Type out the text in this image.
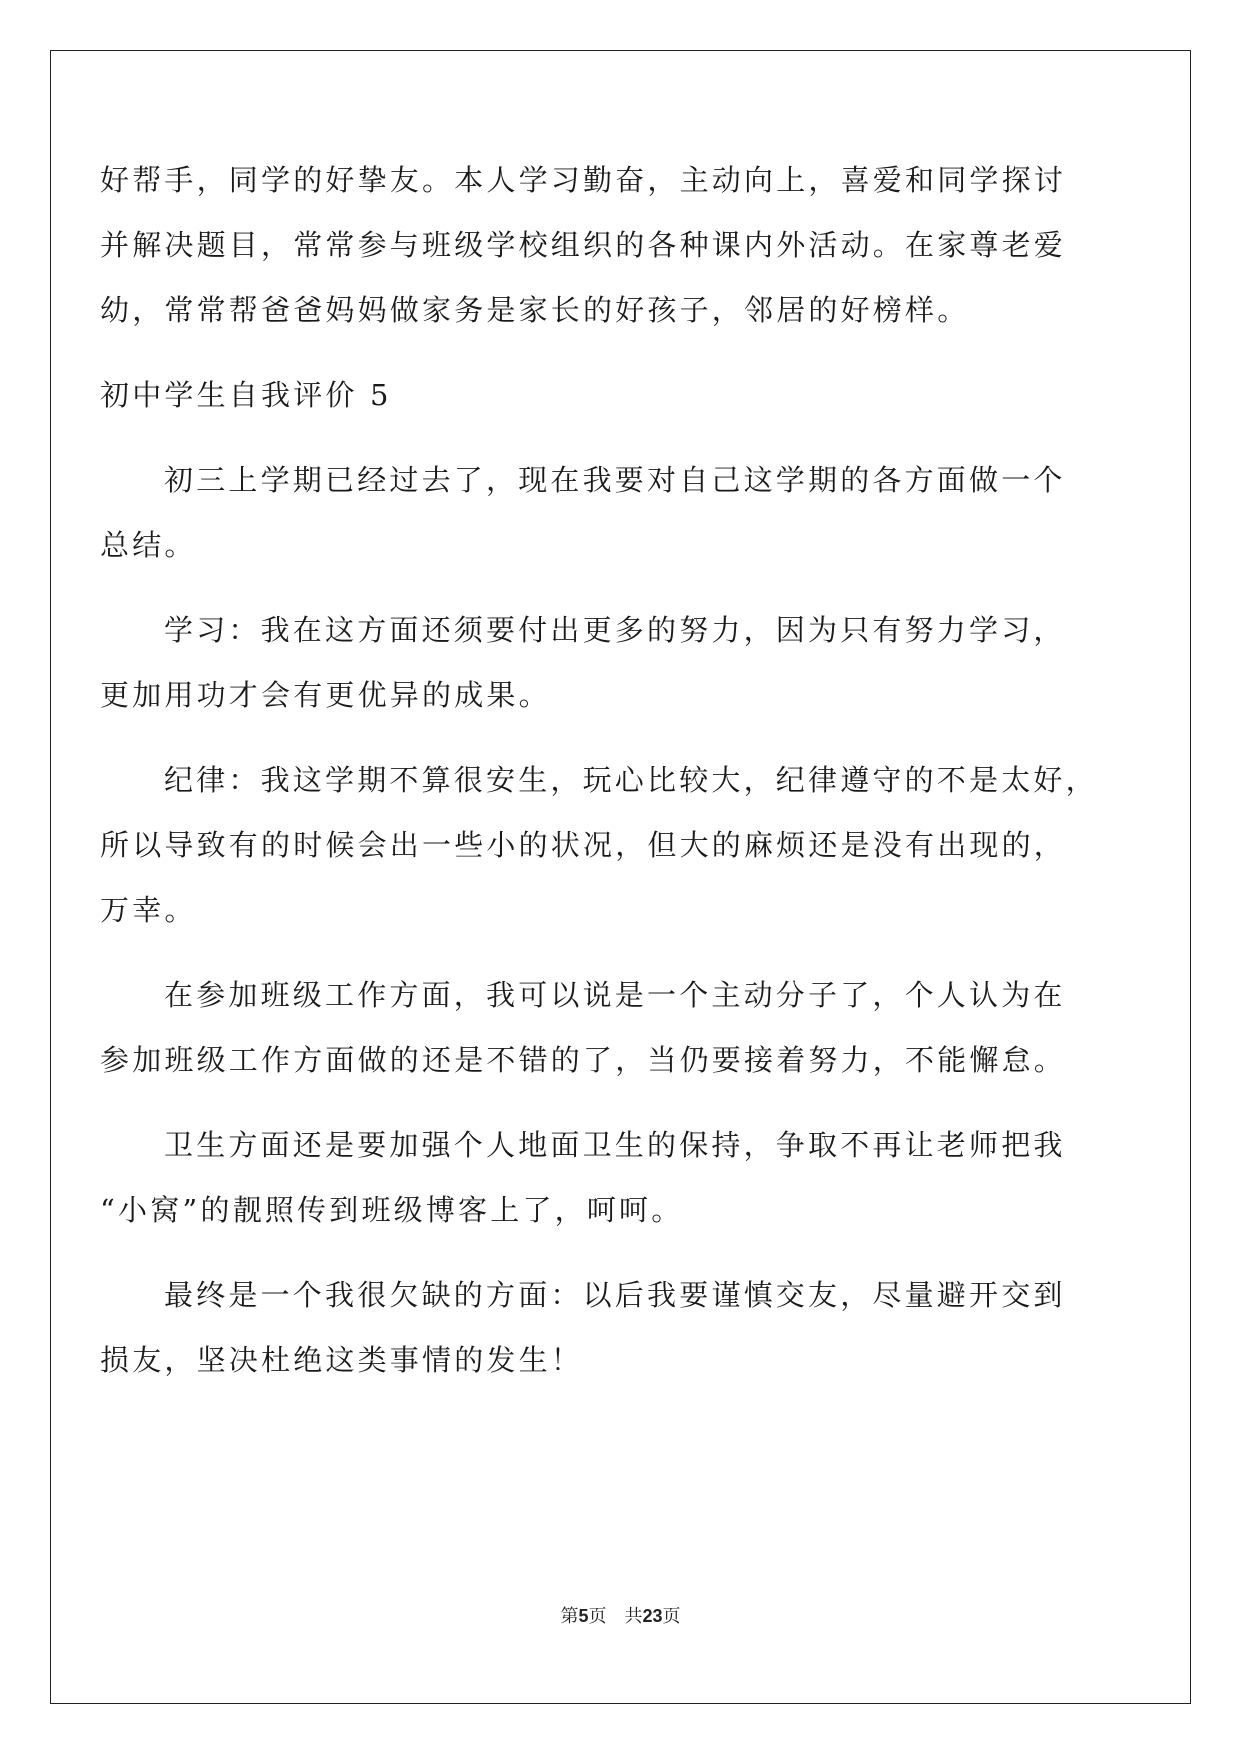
好帮手，同学的好挚友。本人学习勤奋，主动向上，喜爱和同学探讨
并解决题目，常常参与班级学校组织的各种课内外活动。在家尊老爱
幼，常常帮爸爸妈妈做家务是家长的好孩子，邻居的好榜样。
初中学生自我评价 5
初三上学期已经过去了，现在我要对自己这学期的各方面做一个
总结。
学习：我在这方面还须要付出更多的努力，因为只有努力学习，
更加用功才会有更优异的成果。
纪律：我这学期不算很安生，玩心比较大，纪律遵守的不是太好，
所以导致有的时候会出一些小的状况，但大的麻烦还是没有出现的，
万幸。
在参加班级工作方面，我可以说是一个主动分子了，个人认为在
参加班级工作方面做的还是不错的了，当仍要接着努力，不能懈怠。
卫生方面还是要加强个人地面卫生的保持，争取不再让老师把我
“小窝”的靓照传到班级博客上了，呵呵。
最终是一个我很欠缺的方面：以后我要谨慎交友，尽量避开交到
损友，坚决杜绝这类事情的发生！
第5页 共23页
